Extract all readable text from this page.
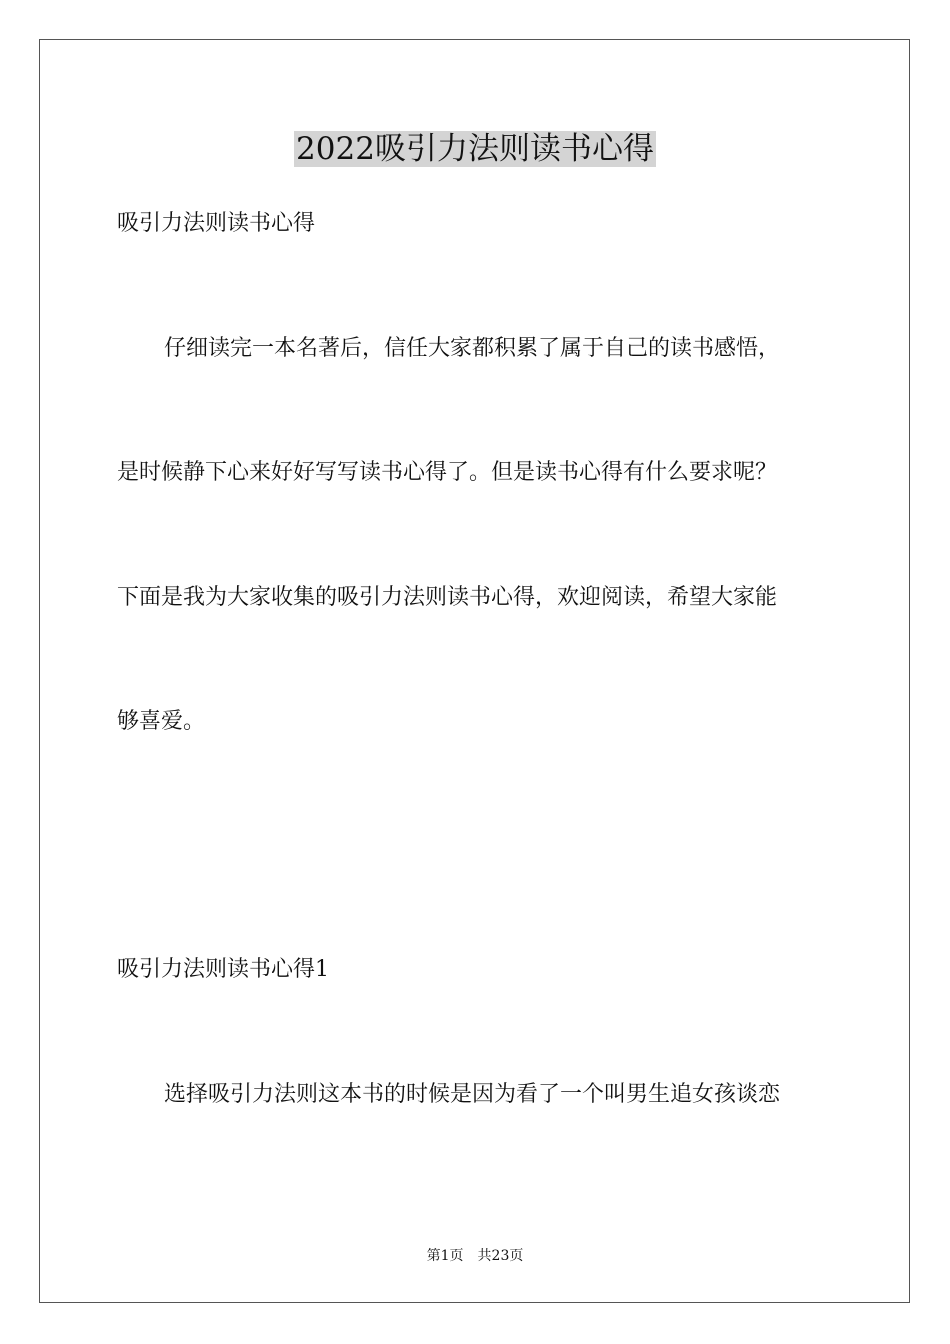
2022吸引力法则读书心得
吸引力法则读书心得
仔细读完一本名著后，信任大家都积累了属于自己的读书感悟，
是时候静下心来好好写写读书心得了。但是读书心得有什么要求呢？
下面是我为大家收集的吸引力法则读书心得，欢迎阅读，希望大家能
够喜爱。
吸引力法则读书心得1
选择吸引力法则这本书的时候是因为看了一个叫男生追女孩谈恋
第1页 共23页
